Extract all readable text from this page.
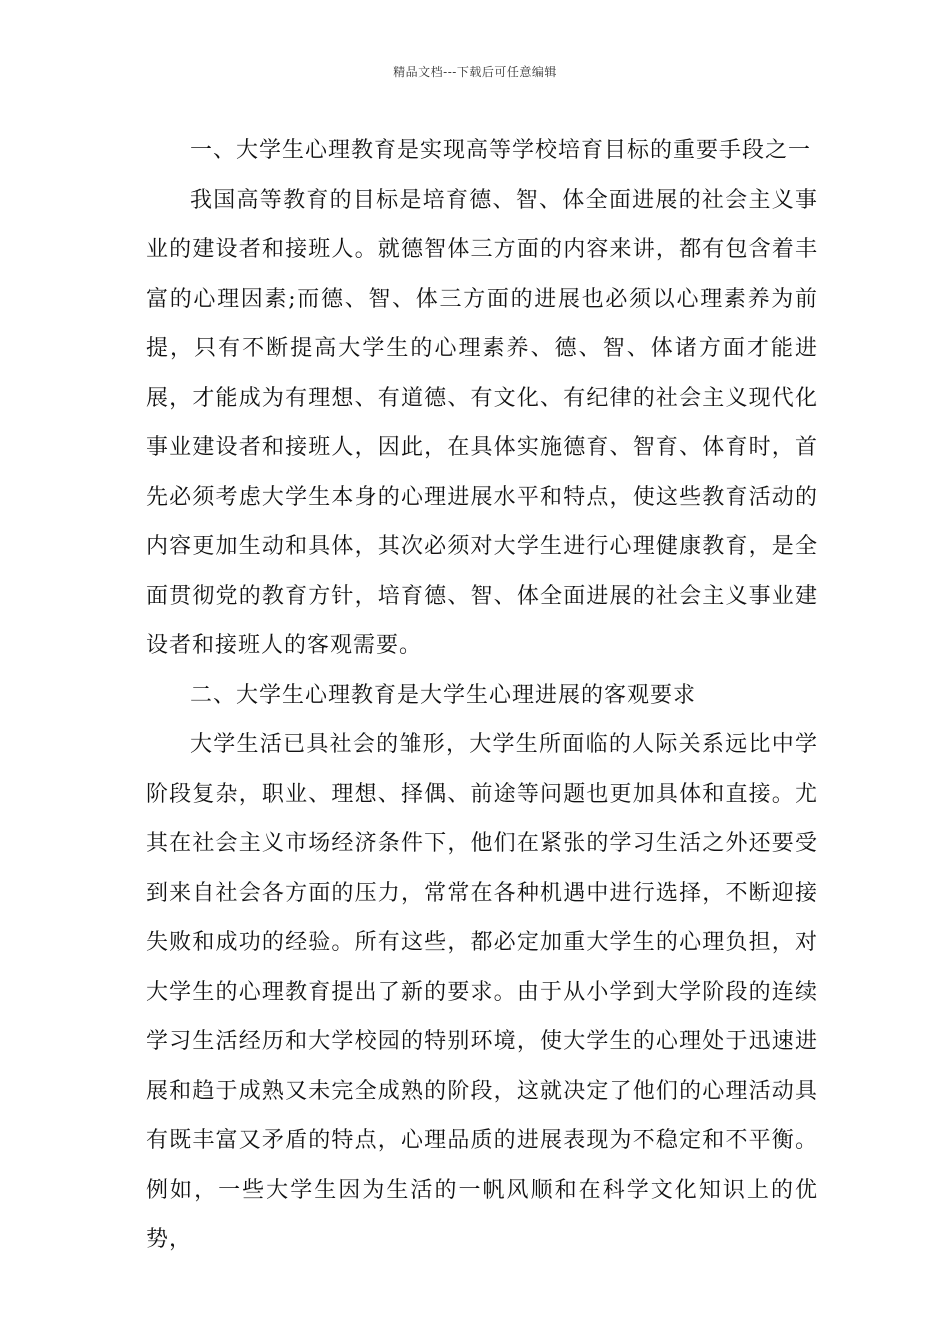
精品文档---下载后可任意编辑

一、大学生心理教育是实现高等学校培育目标的重要手段之一

我国高等教育的目标是培育德、智、体全面进展的社会主义事业的建设者和接班人。就德智体三方面的内容来讲，都有包含着丰富的心理因素;而德、智、体三方面的进展也必须以心理素养为前提，只有不断提高大学生的心理素养、德、智、体诸方面才能进展，才能成为有理想、有道德、有文化、有纪律的社会主义现代化事业建设者和接班人，因此，在具体实施德育、智育、体育时，首先必须考虑大学生本身的心理进展水平和特点，使这些教育活动的内容更加生动和具体，其次必须对大学生进行心理健康教育，是全面贯彻党的教育方针，培育德、智、体全面进展的社会主义事业建设者和接班人的客观需要。

二、大学生心理教育是大学生心理进展的客观要求

大学生活已具社会的雏形，大学生所面临的人际关系远比中学阶段复杂，职业、理想、择偶、前途等问题也更加具体和直接。尤其在社会主义市场经济条件下，他们在紧张的学习生活之外还要受到来自社会各方面的压力，常常在各种机遇中进行选择，不断迎接失败和成功的经验。所有这些，都必定加重大学生的心理负担，对大学生的心理教育提出了新的要求。由于从小学到大学阶段的连续学习生活经历和大学校园的特别环境，使大学生的心理处于迅速进展和趋于成熟又未完全成熟的阶段，这就决定了他们的心理活动具有既丰富又矛盾的特点，心理品质的进展表现为不稳定和不平衡。例如，一些大学生因为生活的一帆风顺和在科学文化知识上的优势，
